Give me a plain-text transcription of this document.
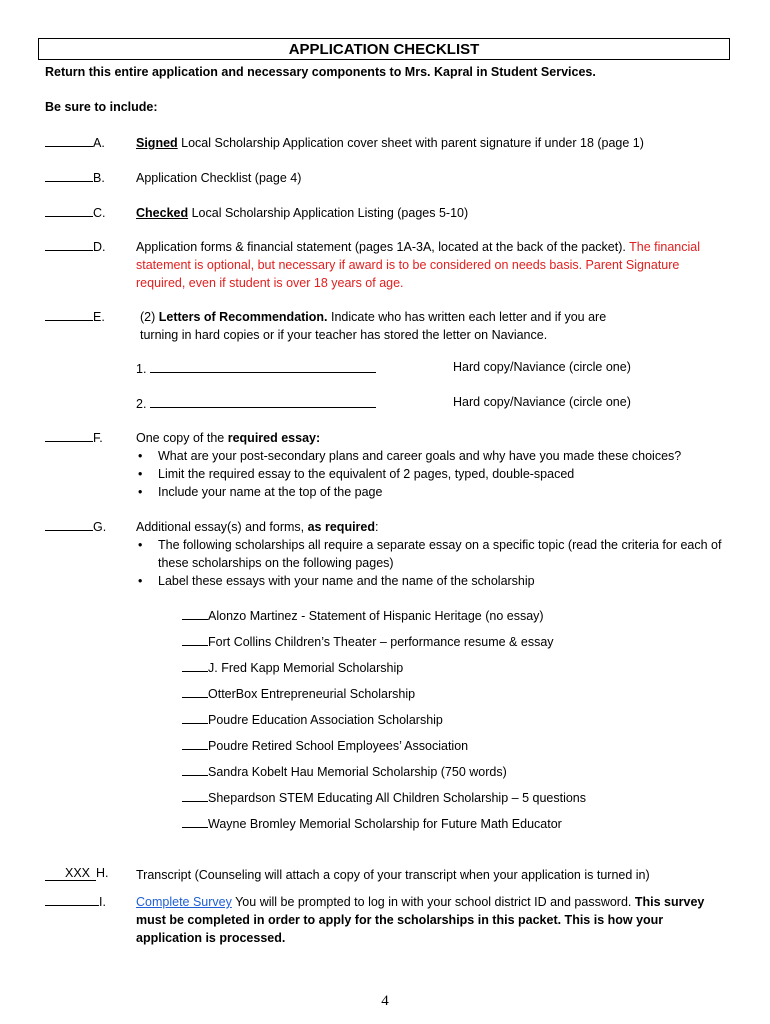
APPLICATION CHECKLIST
Return this entire application and necessary components to Mrs. Kapral in Student Services.
Be sure to include:
A. Signed Local Scholarship Application cover sheet with parent signature if under 18 (page 1)
B. Application Checklist (page 4)
C. Checked Local Scholarship Application Listing (pages 5-10)
D. Application forms & financial statement (pages 1A-3A, located at the back of the packet). The financial statement is optional, but necessary if award is to be considered on needs basis. Parent Signature required, even if student is over 18 years of age.
E.	(2) Letters of Recommendation. Indicate who has written each letter and if you are turning in hard copies or if your teacher has stored the letter on Naviance.
1.	Hard copy/Naviance (circle one)
2.	Hard copy/Naviance (circle one)
F.	One copy of the required essay:
• What are your post-secondary plans and career goals and why have you made these choices?
• Limit the required essay to the equivalent of 2 pages, typed, double-spaced
• Include your name at the top of the page
G. Additional essay(s) and forms, as required:
• The following scholarships all require a separate essay on a specific topic (read the criteria for each of these scholarships on the following pages)
• Label these essays with your name and the name of the scholarship
Alonzo Martinez - Statement of Hispanic Heritage (no essay)
Fort Collins Children’s Theater – performance resume & essay
J. Fred Kapp Memorial Scholarship
OtterBox Entrepreneurial Scholarship
Poudre Education Association Scholarship
Poudre Retired School Employees’ Association
Sandra Kobelt Hau Memorial Scholarship (750 words)
Shepardson STEM Educating All Children Scholarship – 5 questions
Wayne Bromley Memorial Scholarship for Future Math Educator
XXX H. Transcript (Counseling will attach a copy of your transcript when your application is turned in)
I. Complete Survey You will be prompted to log in with your school district ID and password. This survey must be completed in order to apply for the scholarships in this packet. This is how your application is processed.
4
